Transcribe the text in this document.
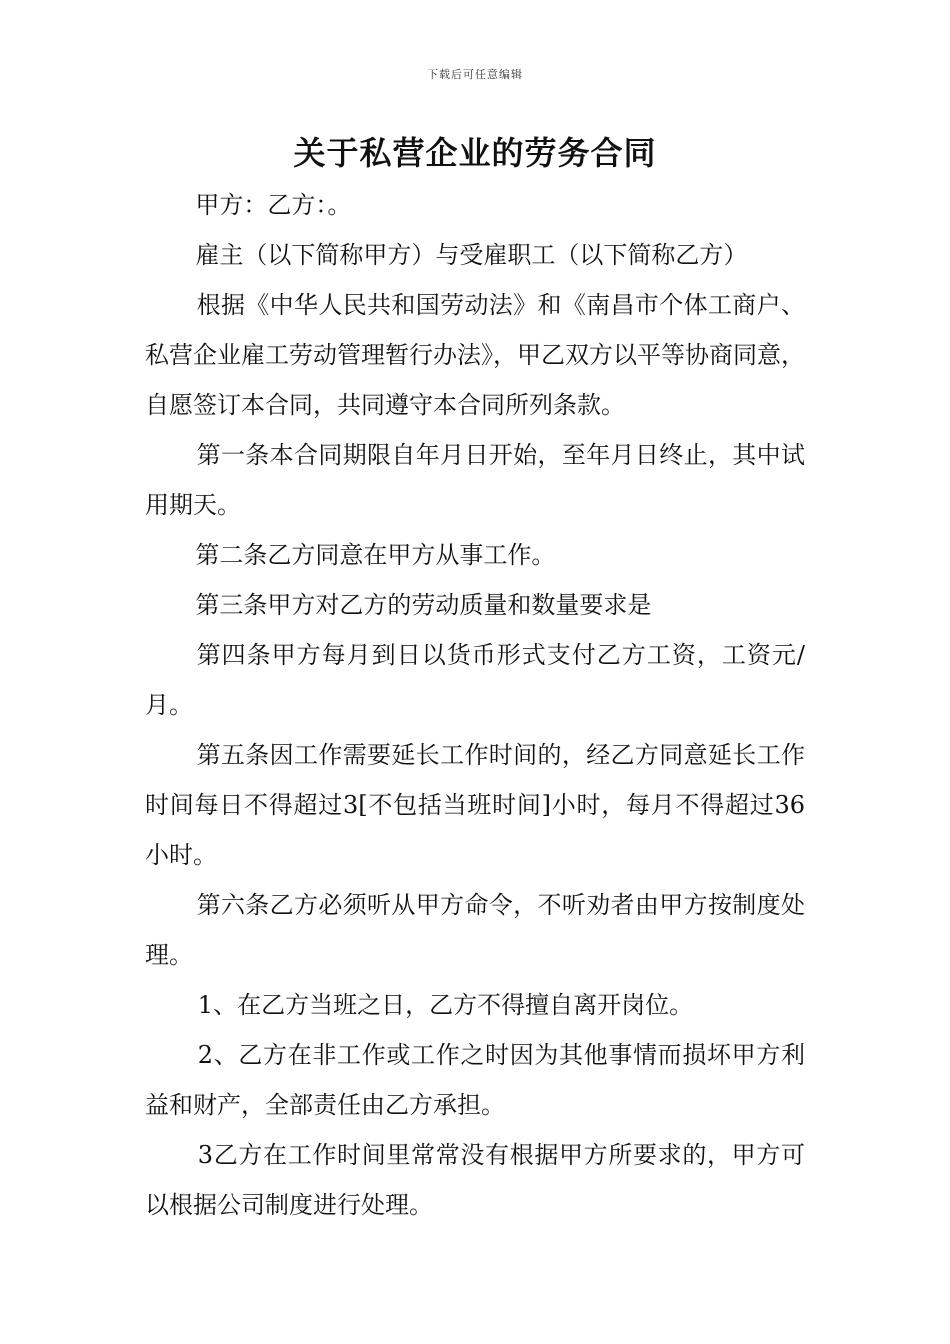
下载后可任意编辑
关于私营企业的劳务合同

甲方：乙方：。

雇主（以下简称甲方）与受雇职工（以下简称乙方）

根据《中华人民共和国劳动法》和《南昌市个体工商户、私营企业雇工劳动管理暂行办法》，甲乙双方以平等协商同意，自愿签订本合同，共同遵守本合同所列条款。

第一条本合同期限自年月日开始，至年月日终止，其中试用期天。

第二条乙方同意在甲方从事工作。

第三条甲方对乙方的劳动质量和数量要求是

第四条甲方每月到日以货币形式支付乙方工资，工资元/月。

第五条因工作需要延长工作时间的，经乙方同意延长工作时间每日不得超过3[不包括当班时间]小时，每月不得超过36小时。

第六条乙方必须听从甲方命令，不听劝者由甲方按制度处理。

1、在乙方当班之日，乙方不得擅自离开岗位。

2、乙方在非工作或工作之时因为其他事情而损坏甲方利益和财产，全部责任由乙方承担。

3乙方在工作时间里常常没有根据甲方所要求的，甲方可以根据公司制度进行处理。
